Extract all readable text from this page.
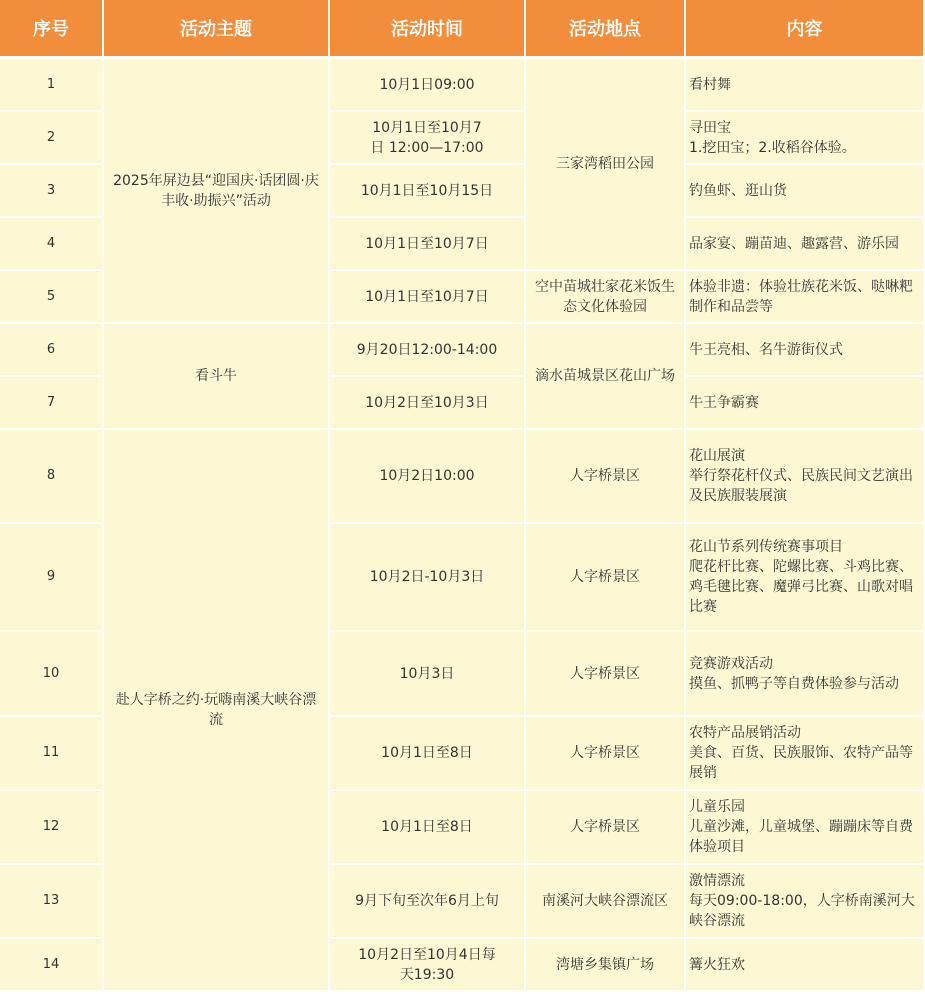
序号	活动主题	活动时间	活动地点	内容
1	2025年屏边县“迎国庆·话团圆·庆丰收·助振兴”活动	10月1日09:00	三家湾稻田公园	看村舞

2		10月1日至10月7日 12:00—17:00		寻田宝
1.挖田宝；2.收稻谷体验。

3		10月1日至10月15日		钓鱼虾、逛山货

4		10月1日至10月7日		品家宴、蹦苗迪、趣露营、游乐园

5		10月1日至10月7日	空中苗城壮家花米饭生态文化体验园	体验非遗：体验壮族花米饭、哒啉粑制作和品尝等

6	看斗牛	9月20日12:00-14:00	滴水苗城景区花山广场	牛王亮相、名牛游街仪式

7		10月2日至10月3日		牛王争霸赛

8	赴人字桥之约·玩嗨南溪大峡谷漂流	10月2日10:00	人字桥景区	花山展演
举行祭花杆仪式、民族民间文艺演出及民族服装展演

9		10月2日-10月3日	人字桥景区	花山节系列传统赛事项目
爬花杆比赛、陀螺比赛、斗鸡比赛、鸡毛毽比赛、魔弹弓比赛、山歌对唱比赛

10		10月3日	人字桥景区	竞赛游戏活动
摸鱼、抓鸭子等自费体验参与活动

11		10月1日至8日	人字桥景区	农特产品展销活动
美食、百货、民族服饰、农特产品等展销

12		10月1日至8日	人字桥景区	儿童乐园
儿童沙滩，儿童城堡、蹦蹦床等自费体验项目

13		9月下旬至次年6月上旬	南溪河大峡谷漂流区	激情漂流
每天09:00-18:00，人字桥南溪河大峡谷漂流

14		10月2日至10月4日每天19:30	湾塘乡集镇广场	篝火狂欢
